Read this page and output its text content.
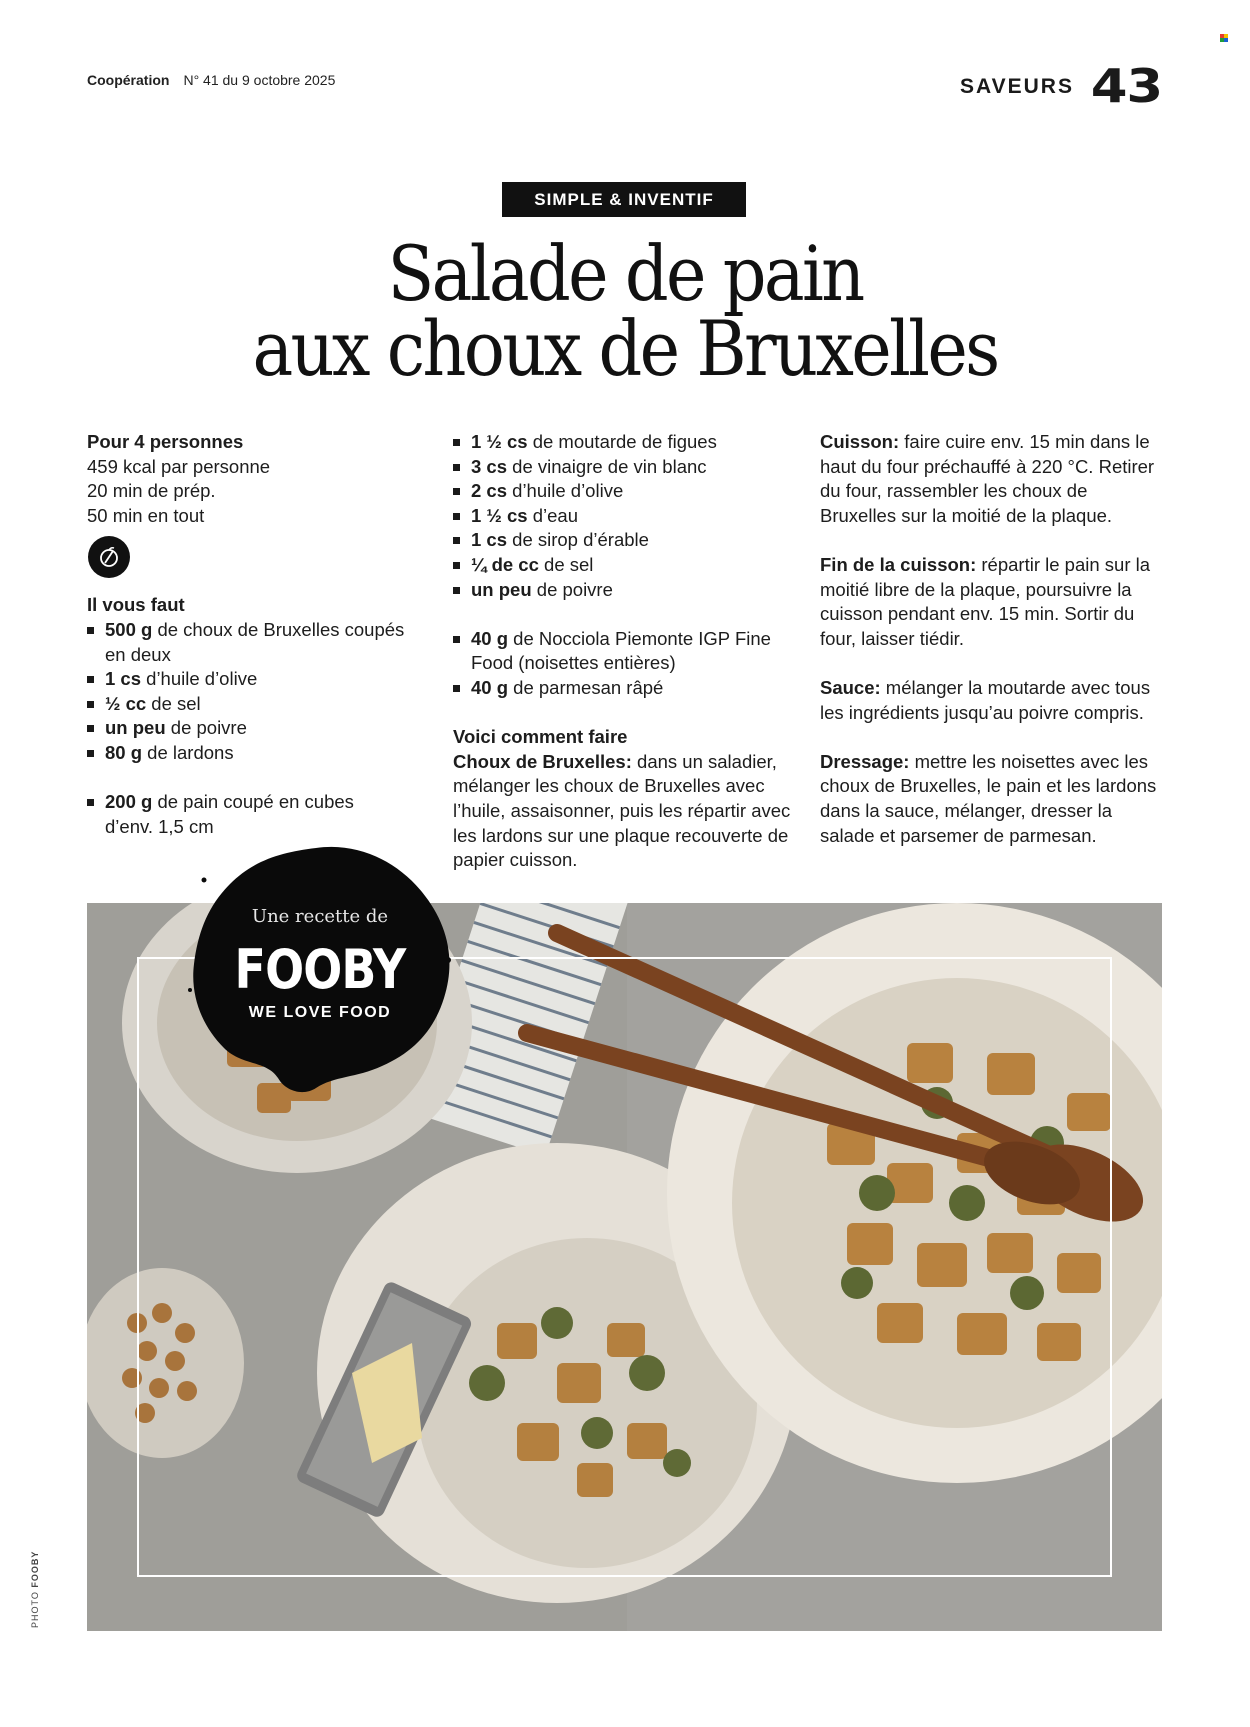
Coopération N° 41 du 9 octobre 2025	SAVEURS 43
SIMPLE & INVENTIF
Salade de pain
aux choux de Bruxelles

Pour 4 personnes

459 kcal par personne

20 min de prép.

50 min en tout

Il vous faut

500 g de choux de Bruxelles coupés en deux
1 cs d’huile d’olive
½ cc de sel
un peu de poivre
80 g de lardons
200 g de pain coupé en cubes d’env. 1,5 cm
1 ½ cs de moutarde de figues
3 cs de vinaigre de vin blanc
2 cs d’huile d’olive
1 ½ cs d’eau
1 cs de sirop d’érable
¼ de cc de sel
un peu de poivre
40 g de Nocciola Piemonte IGP Fine Food (noisettes entières)
40 g de parmesan râpé

Voici comment faire

Choux de Bruxelles: dans un saladier, mélanger les choux de Bruxelles avec l’huile, assaisonner, puis les répartir avec les lardons sur une plaque recouverte de papier cuisson.

Cuisson: faire cuire env. 15 min dans le haut du four préchauffé à 220 °C. Retirer du four, rassembler les choux de Bruxelles sur la moitié de la plaque.

Fin de la cuisson: répartir le pain sur la moitié libre de la plaque, poursuivre la cuisson pendant env. 15 min. Sortir du four, laisser tiédir.

Sauce: mélanger la moutarde avec tous les ingrédients jusqu’au poivre compris.

Dressage: mettre les noisettes avec les choux de Bruxelles, le pain et les lardons dans la sauce, mélanger, dresser la salade et parsemer de parmesan.

Une recette de
FOOBY
WE LOVE FOOD
PHOTO FOOBY
